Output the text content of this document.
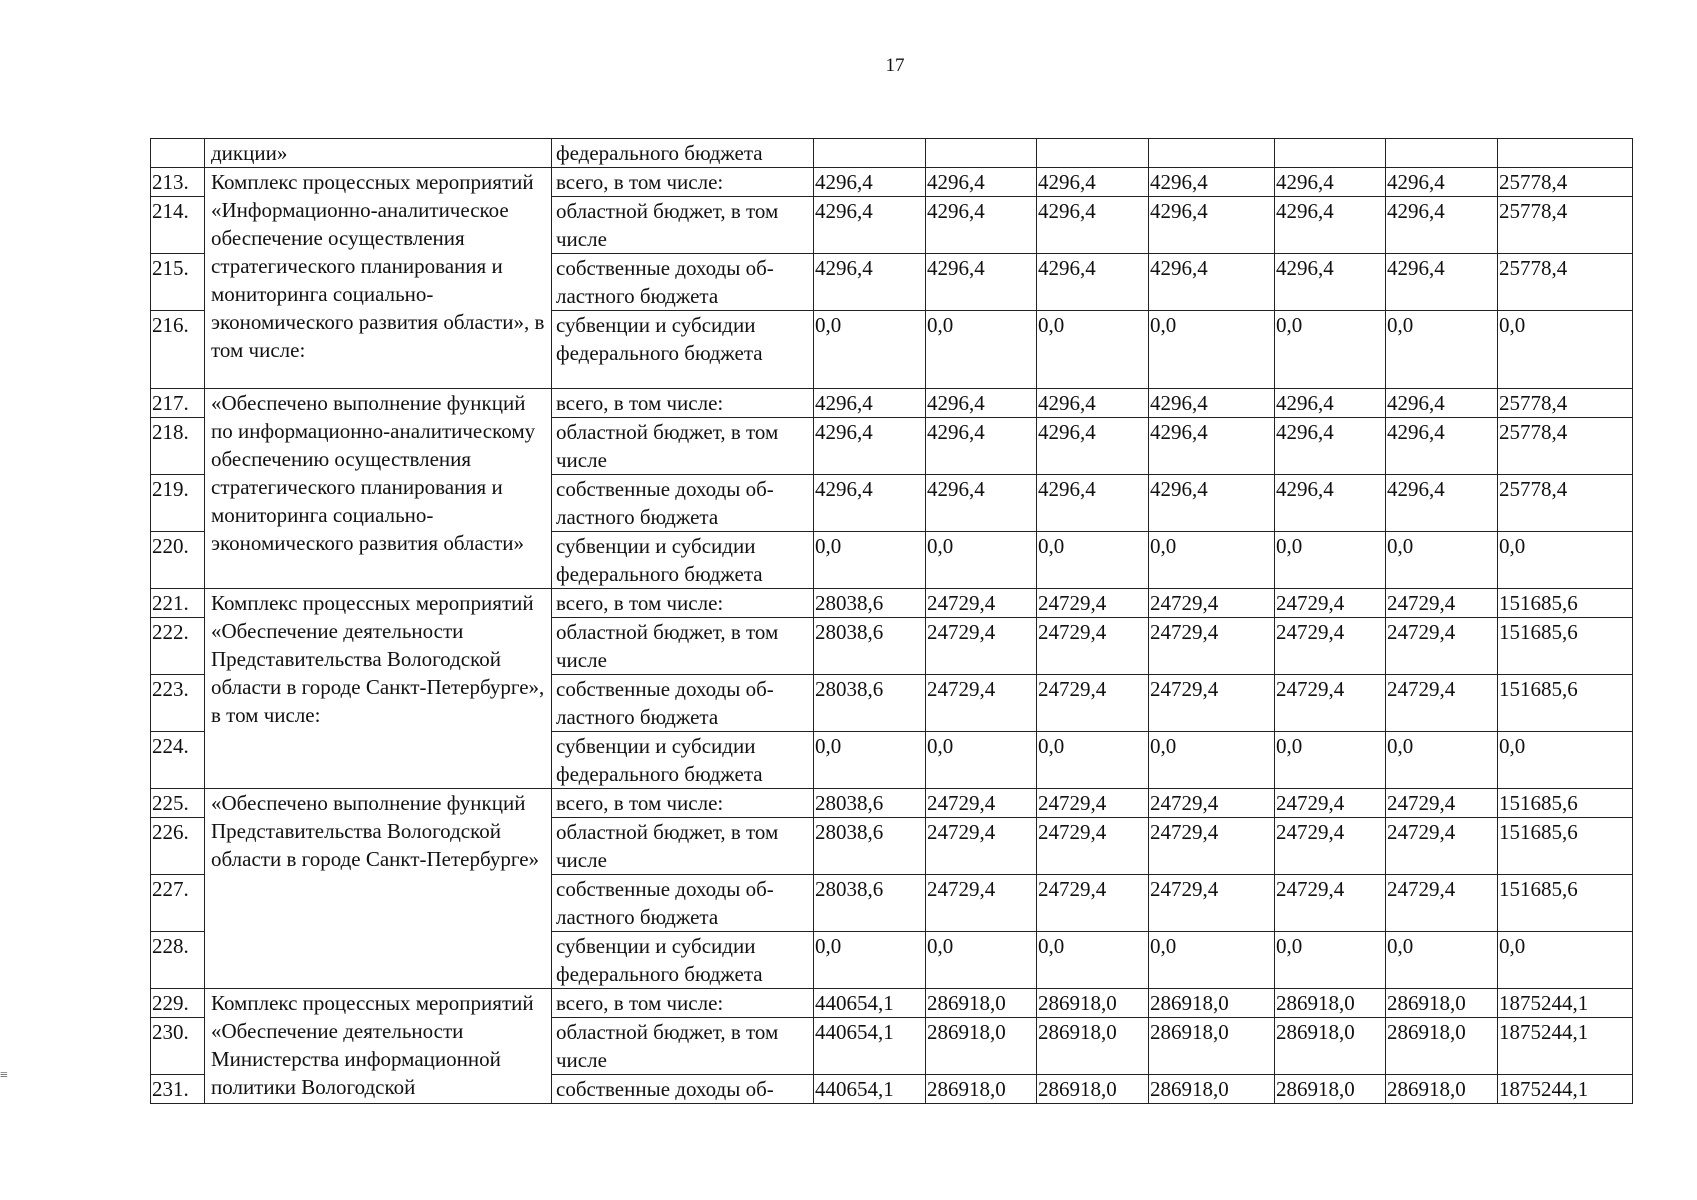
17
	дикции»	федерального бюджета							
213.	Комплекс процессных мероприятий «Информационно-аналитическое обеспечение осуществления стратегического планирования и мониторинга социально-экономического развития области», в том числе:	всего, в том числе:	4296,4	4296,4	4296,4	4296,4	4296,4	4296,4	25778,4
214.		областной бюджет, в том числе	4296,4	4296,4	4296,4	4296,4	4296,4	4296,4	25778,4
215.		собственные доходы об-ластного бюджета	4296,4	4296,4	4296,4	4296,4	4296,4	4296,4	25778,4
216.		субвенции и субсидии федерального бюджета	0,0	0,0	0,0	0,0	0,0	0,0	0,0
217.	«Обеспечено выполнение функций по информационно-аналитическому обеспечению осуществления стратегического планирования и мониторинга социально-экономического развития области»	всего, в том числе:	4296,4	4296,4	4296,4	4296,4	4296,4	4296,4	25778,4
218.		областной бюджет, в том числе	4296,4	4296,4	4296,4	4296,4	4296,4	4296,4	25778,4
219.		собственные доходы об-ластного бюджета	4296,4	4296,4	4296,4	4296,4	4296,4	4296,4	25778,4
220.		субвенции и субсидии федерального бюджета	0,0	0,0	0,0	0,0	0,0	0,0	0,0
221.	Комплекс процессных мероприятий «Обеспечение деятельности Представительства Вологодской области в городе Санкт-Петербурге», в том числе:	всего, в том числе:	28038,6	24729,4	24729,4	24729,4	24729,4	24729,4	151685,6
222.		областной бюджет, в том числе	28038,6	24729,4	24729,4	24729,4	24729,4	24729,4	151685,6
223.		собственные доходы об-ластного бюджета	28038,6	24729,4	24729,4	24729,4	24729,4	24729,4	151685,6
224.		субвенции и субсидии федерального бюджета	0,0	0,0	0,0	0,0	0,0	0,0	0,0
225.	«Обеспечено выполнение функций Представительства Вологодской области в городе Санкт-Петербурге»	всего, в том числе:	28038,6	24729,4	24729,4	24729,4	24729,4	24729,4	151685,6
226.		областной бюджет, в том числе	28038,6	24729,4	24729,4	24729,4	24729,4	24729,4	151685,6
227.		собственные доходы об-ластного бюджета	28038,6	24729,4	24729,4	24729,4	24729,4	24729,4	151685,6
228.		субвенции и субсидии федерального бюджета	0,0	0,0	0,0	0,0	0,0	0,0	0,0
229.	Комплекс процессных мероприятий «Обеспечение деятельности Министерства информационной политики Вологодской	всего, в том числе:	440654,1	286918,0	286918,0	286918,0	286918,0	286918,0	1875244,1
230.		областной бюджет, в том числе	440654,1	286918,0	286918,0	286918,0	286918,0	286918,0	1875244,1
231.		собственные доходы об-	440654,1	286918,0	286918,0	286918,0	286918,0	286918,0	1875244,1
≡
